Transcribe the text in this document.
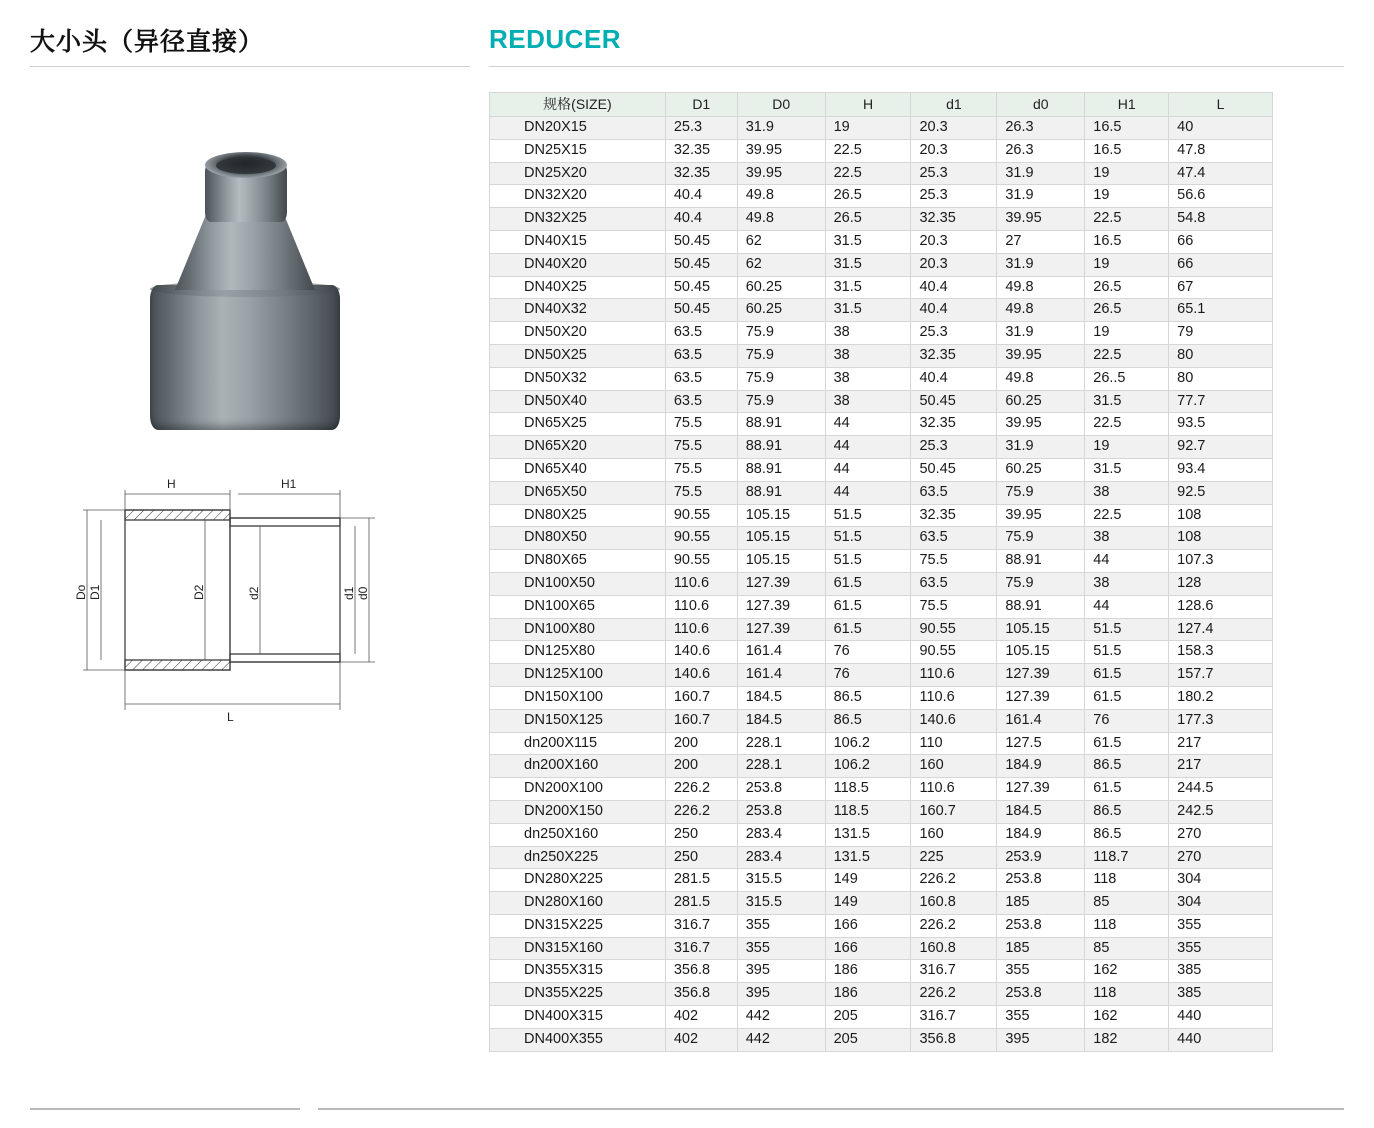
大小头（异径直接）	REDUCER
H	H1
L
Do D1	D2	d2	d1 d0
规格(SIZE)	D1	D0	H	d1	d0	H1	L
DN20X15	25.3	31.9	19	20.3	26.3	16.5	40
DN25X15	32.35	39.95	22.5	20.3	26.3	16.5	47.8
DN25X20	32.35	39.95	22.5	25.3	31.9	19	47.4
DN32X20	40.4	49.8	26.5	25.3	31.9	19	56.6
DN32X25	40.4	49.8	26.5	32.35	39.95	22.5	54.8
DN40X15	50.45	62	31.5	20.3	27	16.5	66
DN40X20	50.45	62	31.5	20.3	31.9	19	66
DN40X25	50.45	60.25	31.5	40.4	49.8	26.5	67
DN40X32	50.45	60.25	31.5	40.4	49.8	26.5	65.1
DN50X20	63.5	75.9	38	25.3	31.9	19	79
DN50X25	63.5	75.9	38	32.35	39.95	22.5	80
DN50X32	63.5	75.9	38	40.4	49.8	26..5	80
DN50X40	63.5	75.9	38	50.45	60.25	31.5	77.7
DN65X25	75.5	88.91	44	32.35	39.95	22.5	93.5
DN65X20	75.5	88.91	44	25.3	31.9	19	92.7
DN65X40	75.5	88.91	44	50.45	60.25	31.5	93.4
DN65X50	75.5	88.91	44	63.5	75.9	38	92.5
DN80X25	90.55	105.15	51.5	32.35	39.95	22.5	108
DN80X50	90.55	105.15	51.5	63.5	75.9	38	108
DN80X65	90.55	105.15	51.5	75.5	88.91	44	107.3
DN100X50	110.6	127.39	61.5	63.5	75.9	38	128
DN100X65	110.6	127.39	61.5	75.5	88.91	44	128.6
DN100X80	110.6	127.39	61.5	90.55	105.15	51.5	127.4
DN125X80	140.6	161.4	76	90.55	105.15	51.5	158.3
DN125X100	140.6	161.4	76	110.6	127.39	61.5	157.7
DN150X100	160.7	184.5	86.5	110.6	127.39	61.5	180.2
DN150X125	160.7	184.5	86.5	140.6	161.4	76	177.3
dn200X115	200	228.1	106.2	110	127.5	61.5	217
dn200X160	200	228.1	106.2	160	184.9	86.5	217
DN200X100	226.2	253.8	118.5	110.6	127.39	61.5	244.5
DN200X150	226.2	253.8	118.5	160.7	184.5	86.5	242.5
dn250X160	250	283.4	131.5	160	184.9	86.5	270
dn250X225	250	283.4	131.5	225	253.9	118.7	270
DN280X225	281.5	315.5	149	226.2	253.8	118	304
DN280X160	281.5	315.5	149	160.8	185	85	304
DN315X225	316.7	355	166	226.2	253.8	118	355
DN315X160	316.7	355	166	160.8	185	85	355
DN355X315	356.8	395	186	316.7	355	162	385
DN355X225	356.8	395	186	226.2	253.8	118	385
DN400X315	402	442	205	316.7	355	162	440
DN400X355	402	442	205	356.8	395	182	440
